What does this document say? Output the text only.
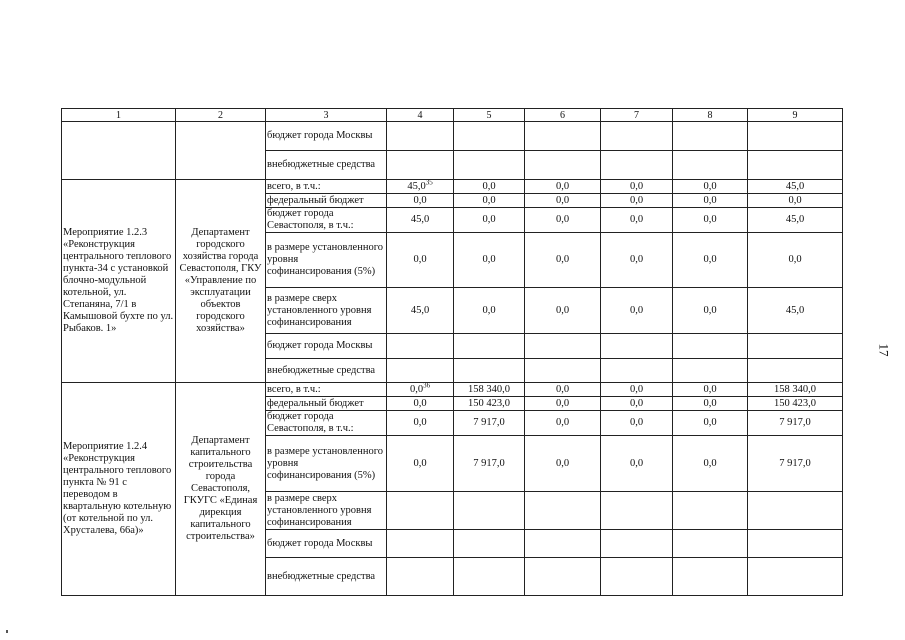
1	2	3	4	5	6	7	8	9
		бюджет города Москвы						
		внебюджетные средства						
Мероприятие 1.2.3 «Реконструкция центрального теплового пункта-34 с установкой блочно-модульной котельной, ул. Степаняна, 7/1 в Камышовой бухте по ул. Рыбаков. 1»	Департамент городского хозяйства города Севастополя, ГКУ «Управление по эксплуатации объектов городского хозяйства»	всего, в т.ч.:	45,0$^{35}$	0,0	0,0	0,0	0,0	45,0
		федеральный бюджет	0,0	0,0	0,0	0,0	0,0	0,0
		бюджет города Севастополя, в т.ч.:	45,0	0,0	0,0	0,0	0,0	45,0
		в размере установленного уровня софинансирования (5%)	0,0	0,0	0,0	0,0	0,0	0,0
		в размере сверх установленного уровня софинансирования	45,0	0,0	0,0	0,0	0,0	45,0
		бюджет города Москвы						
		внебюджетные средства						
Мероприятие 1.2.4 «Реконструкция центрального теплового пункта № 91 с переводом в квартальную котельную (от котельной по ул. Хрусталева, 66а)»	Департамент капитального строительства города Севастополя, ГКУГС «Единая дирекция капитального строительства»	всего, в т.ч.:	$0,0^{36}$	158 340,0	0,0	0,0	0,0	158 340,0
		федеральный бюджет	0,0	150 423,0	0,0	0,0	0,0	150 423,0
		бюджет города Севастополя, в т.ч.:	0,0	7 917,0	0,0	0,0	0,0	7 917,0
		в размере установленного уровня софинансирования (5%)	0,0	7 917,0	0,0	0,0	0,0	7 917,0
		в размере сверх установленного уровня софинансирования						
		бюджет города Москвы						
		внебюджетные средства						
17
